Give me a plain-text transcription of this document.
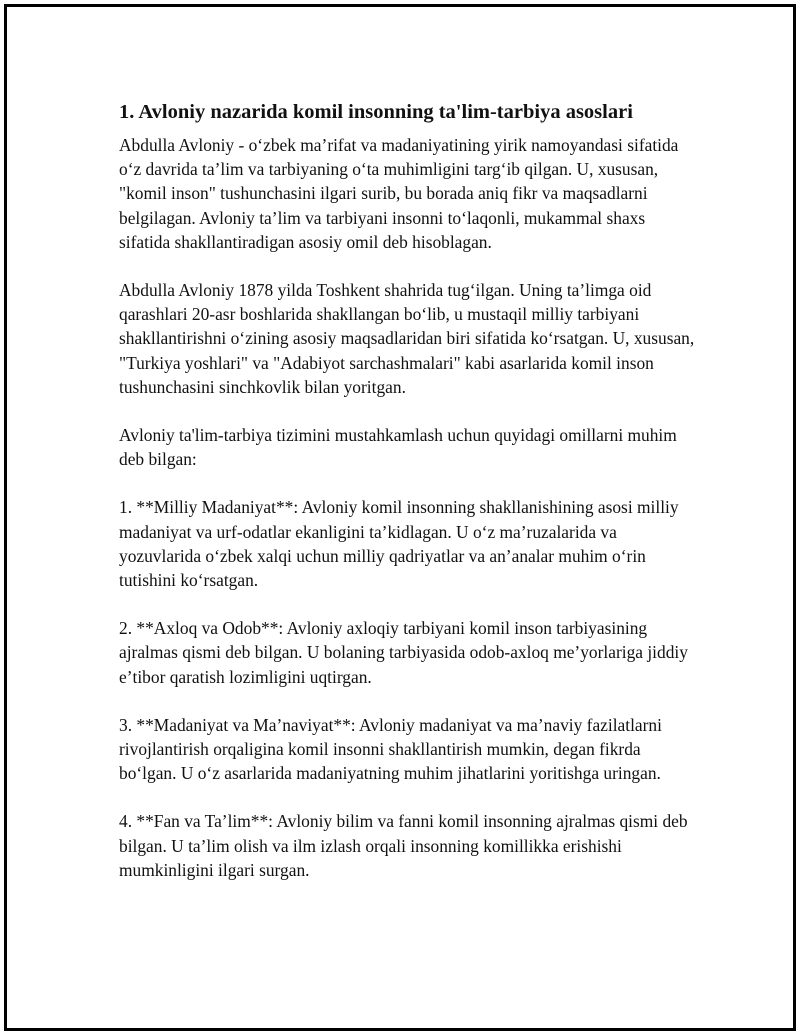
1. Avloniy nazarida komil insonning ta'lim-tarbiya asoslari

Abdulla Avloniy - oʻzbek maʼrifat va madaniyatining yirik namoyandasi sifatida oʻz davrida taʼlim va tarbiyaning oʻta muhimligini targʻib qilgan. U, xususan, "komil inson" tushunchasini ilgari surib, bu borada aniq fikr va maqsadlarni belgilagan. Avloniy taʼlim va tarbiyani insonni toʻlaqonli, mukammal shaxs sifatida shakllantiradigan asosiy omil deb hisoblagan.

Abdulla Avloniy 1878 yilda Toshkent shahrida tugʻilgan. Uning taʼlimga oid qarashlari 20-asr boshlarida shakllangan boʻlib, u mustaqil milliy tarbiyani shakllantirishni oʻzining asosiy maqsadlaridan biri sifatida koʻrsatgan. U, xususan, "Turkiya yoshlari" va "Adabiyot sarchashmalari" kabi asarlarida komil inson tushunchasini sinchkovlik bilan yoritgan.

Avloniy ta'lim-tarbiya tizimini mustahkamlash uchun quyidagi omillarni muhim deb bilgan:

1. **Milliy Madaniyat**: Avloniy komil insonning shakllanishining asosi milliy madaniyat va urf-odatlar ekanligini taʼkidlagan. U oʻz maʼruzalarida va yozuvlarida oʻzbek xalqi uchun milliy qadriyatlar va anʼanalar muhim oʻrin tutishini koʻrsatgan.

2. **Axloq va Odob**: Avloniy axloqiy tarbiyani komil inson tarbiyasining ajralmas qismi deb bilgan. U bolaning tarbiyasida odob-axloq meʼyorlariga jiddiy eʼtibor qaratish lozimligini uqtirgan.

3. **Madaniyat va Maʼnaviyat**: Avloniy madaniyat va maʼnaviy fazilatlarni rivojlantirish orqaligina komil insonni shakllantirish mumkin, degan fikrda boʻlgan. U oʻz asarlarida madaniyatning muhim jihatlarini yoritishga uringan.

4. **Fan va Taʼlim**: Avloniy bilim va fanni komil insonning ajralmas qismi deb bilgan. U taʼlim olish va ilm izlash orqali insonning komillikka erishishi mumkinligini ilgari surgan.
